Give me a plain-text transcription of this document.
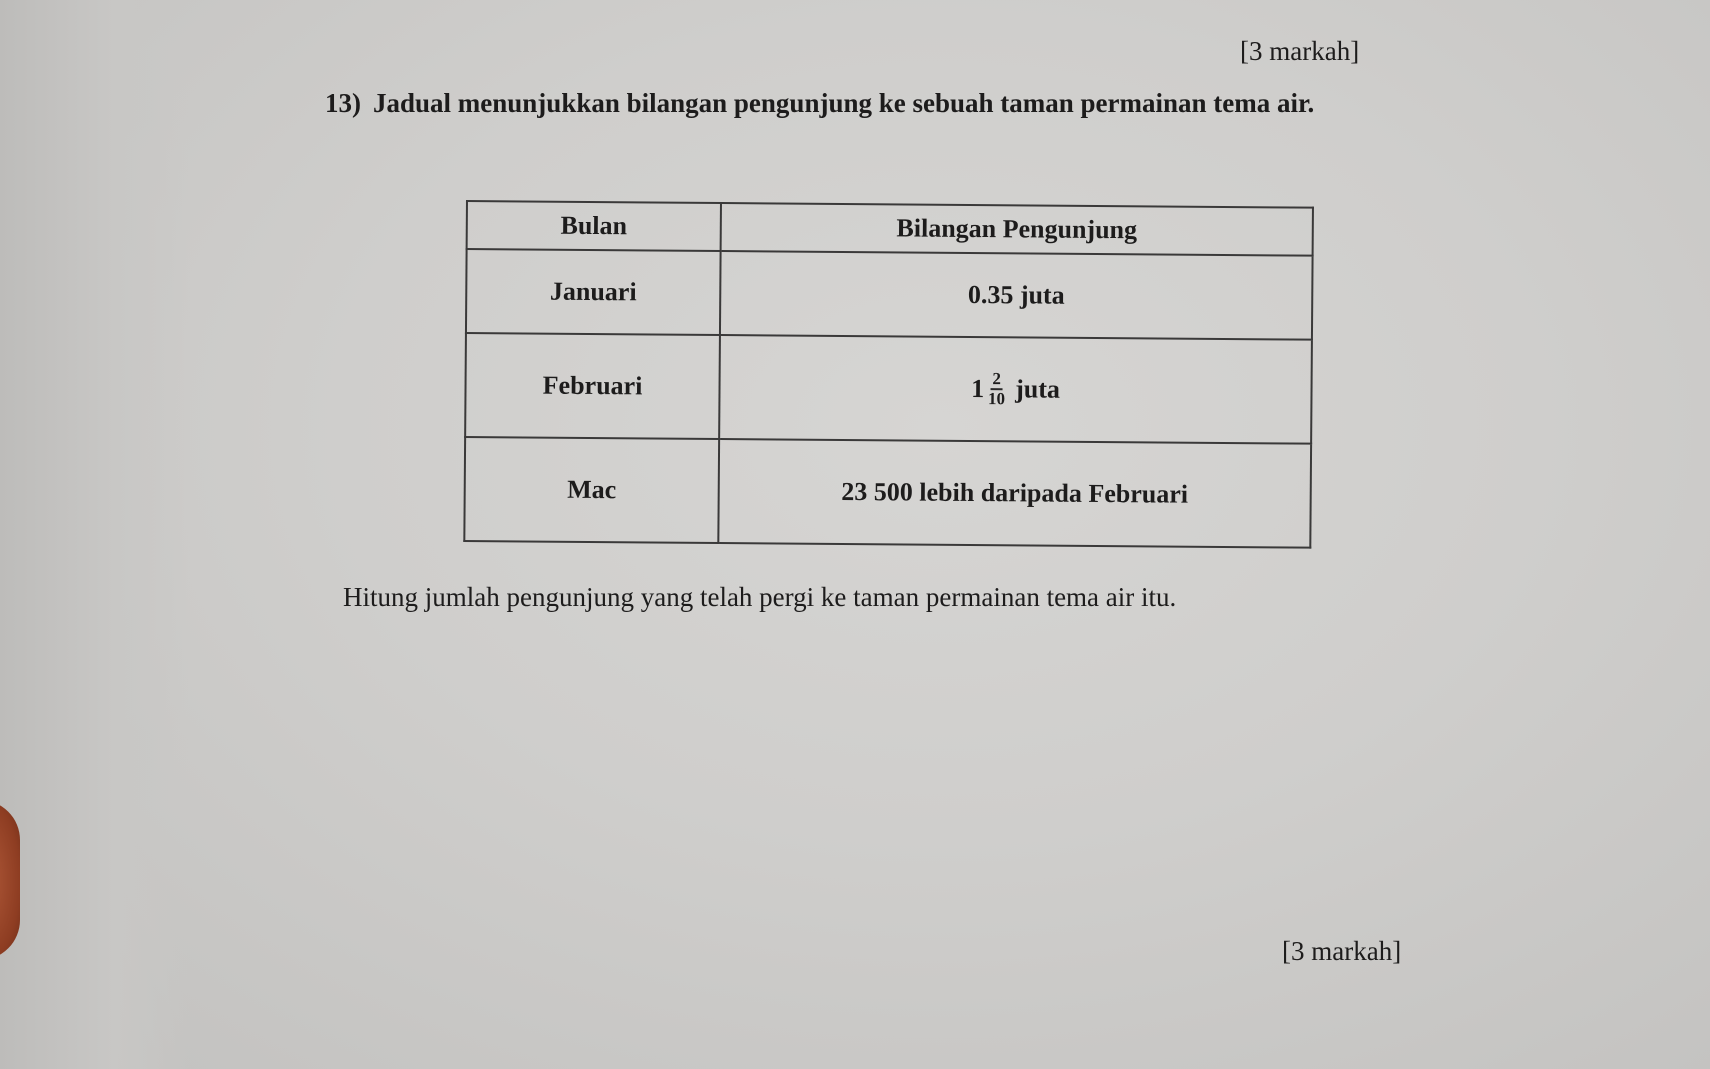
[3 markah]
13) Jadual menunjukkan bilangan pengunjung ke sebuah taman permainan tema air.
Bulan	Bilangan Pengunjung
Januari	0.35 juta
Februari	$1 \frac{2}{10}$ juta

Mac	23 500 lebih daripada Februari
Hitung jumlah pengunjung yang telah pergi ke taman permainan tema air itu.
[3 markah]
